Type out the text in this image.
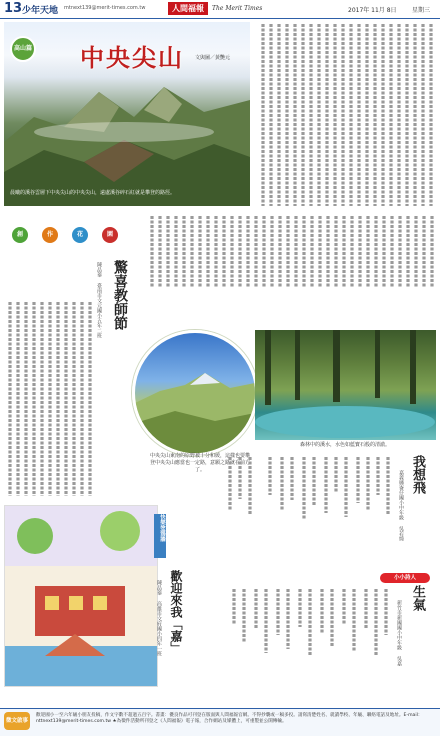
13 少年天地 mtnext139@merit-times.com.tw	人間福報	The Merit Times	2017年 11月 8日	星期三
高山篇 中央尖山 文與圖／黃艷元
晨曦的溪谷雲層下中央尖山的中央尖山，遠處溪谷碎石紅就是攀登的路徑。
創	作	花	園
驚喜教師節
陳品蓁 臺南市文元國小五年二班
森林中的溪水，水色如藍寶石般的清澈。
中央尖山東南的原野被十分和緩，這樣也要攀登中央尖山應當也一定路，意願之路就在前方了。	我想飛
嘉義縣崙仔國小中年級 吳若綺
小小詩人
生氣
新竹市新國國小中年級 吳嘉
快樂塗鴉牆
歡迎來我「嘉」
陳品蓁 高雄市文府國小四年一班
徵文啟事
歡迎國小一至六年級小朋友投稿，作文字數不超過五百字。書畫：優良作品可刊登在版面與人間福報官網。不得抄襲或一稿多投。請寫清楚姓名、就讀學校、年級、聯絡電話及地址。E-mail：nttnext139@merit-times.com.tw ★為徵件活動所刊登之《人間福報》電子報，合作網站及媒體上，可重製並公開傳輸。
